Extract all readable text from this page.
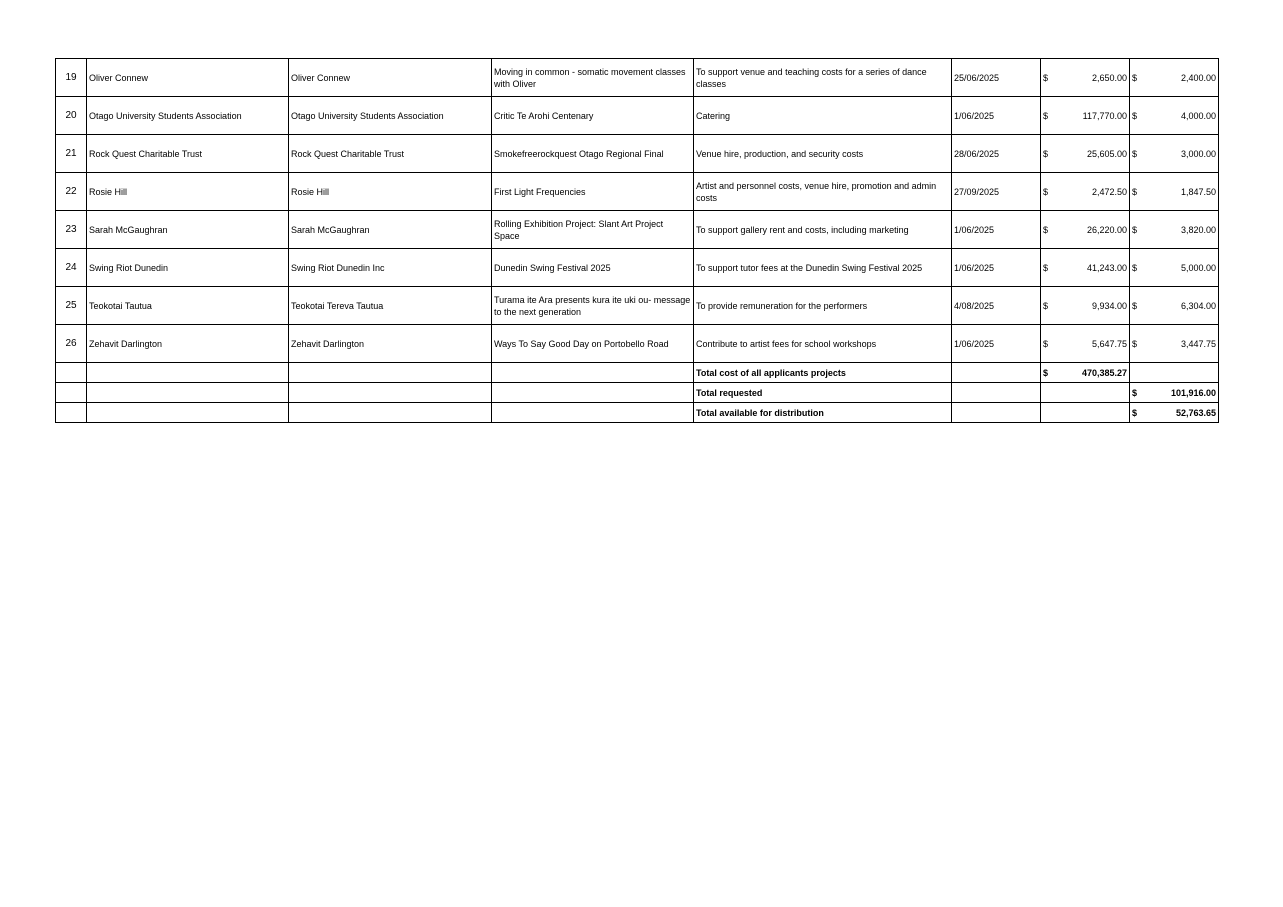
19	Oliver Connew	Oliver Connew	Moving in common - somatic movement classes with Oliver	To support venue and teaching costs for a series of dance classes	25/06/2025	$ 2,650.00	$ 2,400.00

20	Otago University Students Association	Otago University Students Association	Critic Te Arohi Centenary	Catering	1/06/2025	$ 117,770.00	$ 4,000.00

21	Rock Quest Charitable Trust	Rock Quest Charitable Trust	Smokefreerockquest Otago Regional Final	Venue hire, production, and security costs	28/06/2025	$ 25,605.00	$ 3,000.00

22	Rosie Hill	Rosie Hill	First Light Frequencies	Artist and personnel costs, venue hire, promotion and admin costs	27/09/2025	$ 2,472.50	$ 1,847.50

23	Sarah McGaughran	Sarah McGaughran	Rolling Exhibition Project: Slant Art Project Space	To support gallery rent and costs, including marketing	1/06/2025	$ 26,220.00	$ 3,820.00

24	Swing Riot Dunedin	Swing Riot Dunedin Inc	Dunedin Swing Festival 2025	To support tutor fees at the Dunedin Swing Festival 2025	1/06/2025	$ 41,243.00	$ 5,000.00

25	Teokotai Tautua	Teokotai Tereva Tautua	Turama ite Ara presents kura ite uki ou- message to the next generation	To provide remuneration for the performers	4/08/2025	$ 9,934.00	$ 6,304.00

26	Zehavit Darlington	Zehavit Darlington	Ways To Say Good Day on Portobello Road	Contribute to artist fees for school workshops	1/06/2025	$ 5,647.75	$ 3,447.75

				Total cost of all applicants projects		$ 470,385.27	

				Total requested			$ 101,916.00

				Total available for distribution			$ 52,763.65
